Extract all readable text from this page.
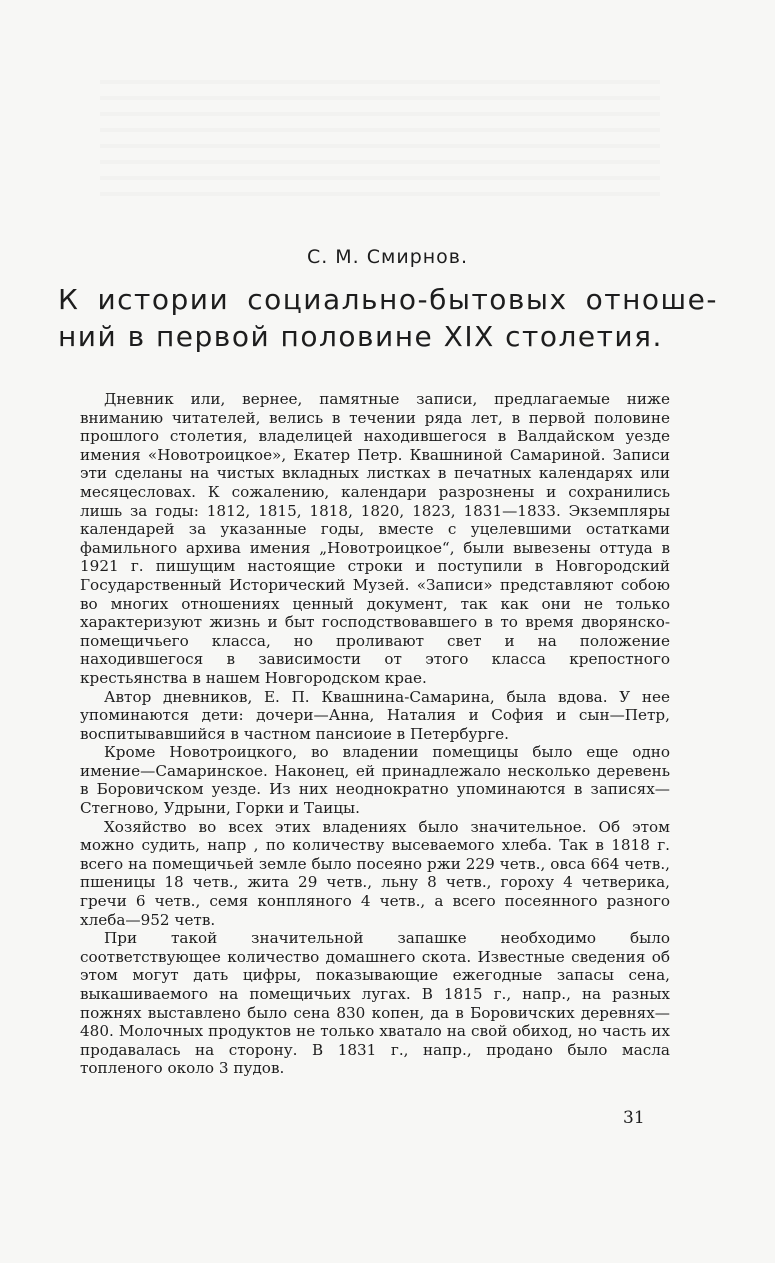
С. М. Смирнов.
К истории социально-бытовых отноше-
ний в первой половине XIX столетия.

Дневник или, вернее, памятные записи, предлагаемые ниже вниманию читателей, велись в течении ряда лет, в первой половине прошлого столетия, владелицей находившегося в Валдайском уезде имения «Новотроицкое», Екатер Петр. Квашниной Самариной. Записи эти сделаны на чистых вкладных листках в печатных календарях или месяцесловах. К сожалению, календари разрознены и сохранились лишь за годы: 1812, 1815, 1818, 1820, 1823, 1831—1833. Экземпляры календарей за указанные годы, вместе с уцелевшими остатками фамильного архива имения „Новотроицкое“, были вывезены оттуда в 1921 г. пишущим настоящие строки и поступили в Новгородский Государственный Исторический Музей. «Записи» представляют собою во многих отношениях ценный документ, так как они не только характеризуют жизнь и быт господствовавшего в то время дворянско-помещичьего класса, но проливают свет и на положение находившегося в зависимости от этого класса крепостного крестьянства в нашем Новгородском крае.

Автор дневников, Е. П. Квашнина-Самарина, была вдова. У нее упоминаются дети: дочери—Анна, Наталия и София и сын—Петр, воспитывавшийся в частном пансиоие в Петербурге.

Кроме Новотроицкого, во владении помещицы было еще одно имение—Самаринское. Наконец, ей принадлежало несколько деревень в Боровичском уезде. Из них неоднократно упоминаются в записях—Стегново, Удрыни, Горки и Таицы.

Хозяйство во всех этих владениях было значительное. Об этом можно судить, напр , по количеству высеваемого хлеба. Так в 1818 г. всего на помещичьей земле было посеяно ржи 229 четв., овса 664 четв., пшеницы 18 четв., жита 29 четв., льну 8 четв., гороху 4 четверика, гречи 6 четв., семя конпляного 4 четв., а всего посеянного разного хлеба—952 четв.

При такой значительной запашке необходимо было соответствующее количество домашнего скота. Известные сведения об этом могут дать цифры, показывающие ежегодные запасы сена, выкашиваемого на помещичьих лугах. В 1815 г., напр., на разных пожнях выставлено было сена 830 копен, да в Боровичских деревнях—480. Молочных продуктов не только хватало на свой обиход, но часть их продавалась на сторону. В 1831 г., напр., продано было масла топленого около 3 пудов.

31
